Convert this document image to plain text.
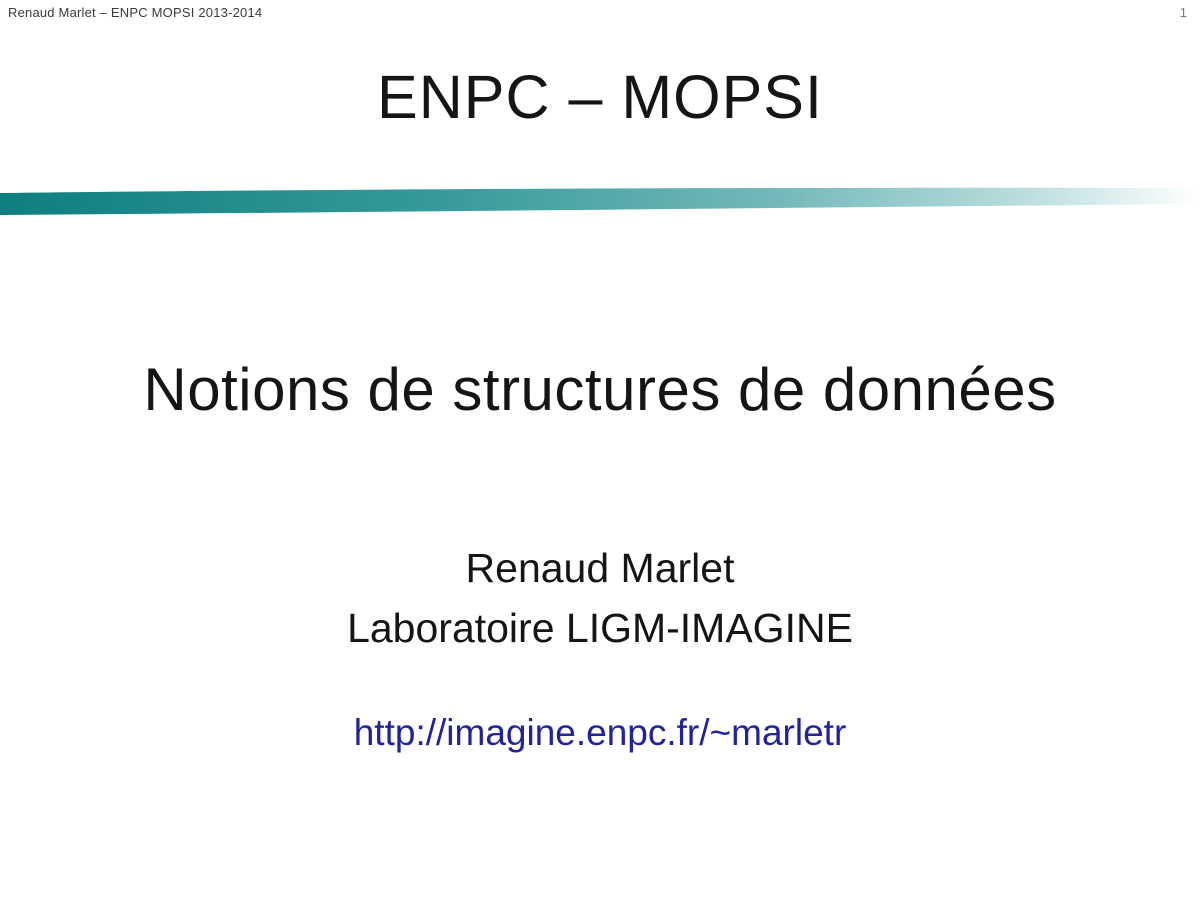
Renaud Marlet – ENPC MOPSI 2013-2014	1
ENPC – MOPSI
Notions de structures de données
Renaud Marlet
Laboratoire LIGM-IMAGINE
http://imagine.enpc.fr/~marletr
